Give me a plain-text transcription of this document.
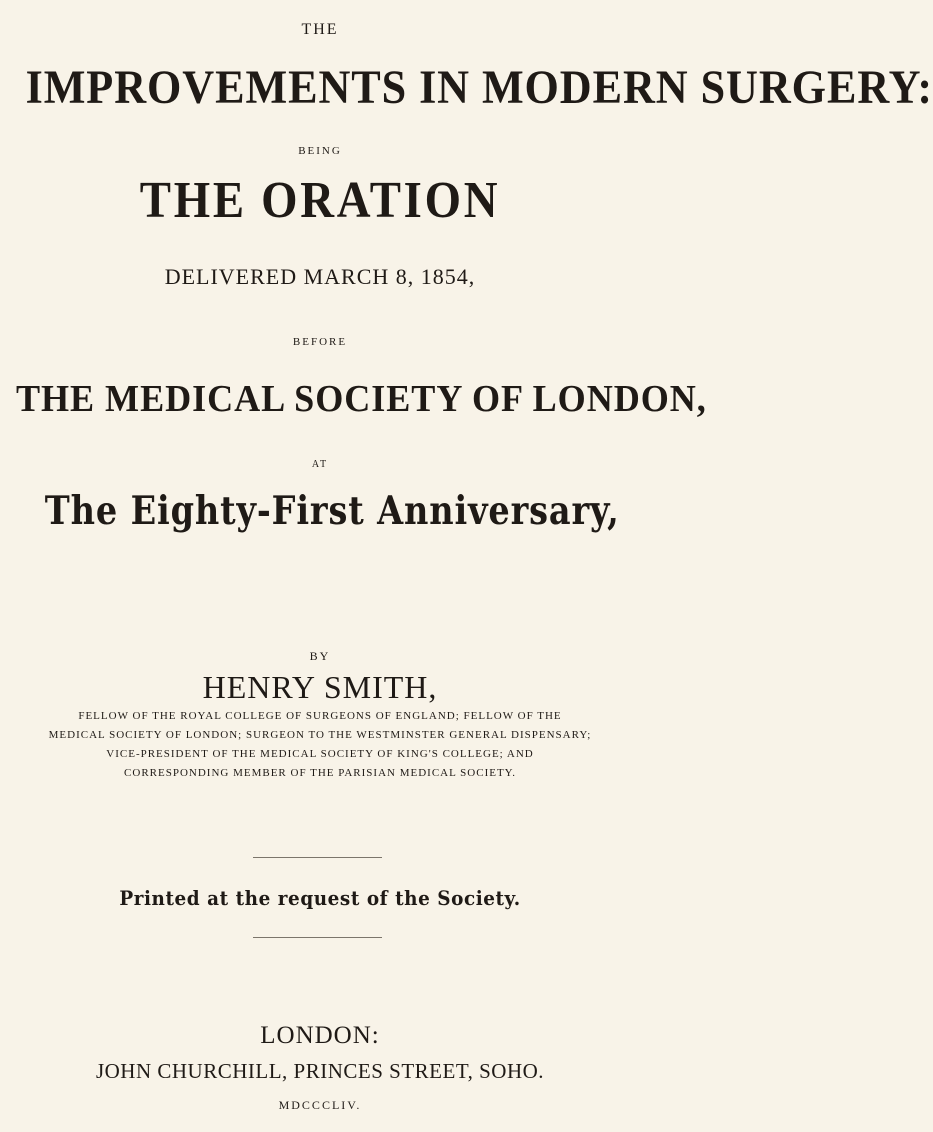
THE
IMPROVEMENTS IN MODERN SURGERY:
BEING
THE ORATION
DELIVERED MARCH 8, 1854,
BEFORE
THE MEDICAL SOCIETY OF LONDON,
AT
The Eighty-First Anniversary,
BY
HENRY SMITH,
FELLOW OF THE ROYAL COLLEGE OF SURGEONS OF ENGLAND; FELLOW OF THE
MEDICAL SOCIETY OF LONDON; SURGEON TO THE WESTMINSTER GENERAL DISPENSARY;
VICE-PRESIDENT OF THE MEDICAL SOCIETY OF KING'S COLLEGE; AND
CORRESPONDING MEMBER OF THE PARISIAN MEDICAL SOCIETY.
Printed at the request of the Society.
LONDON:
JOHN CHURCHILL, PRINCES STREET, SOHO.
MDCCCLIV.
